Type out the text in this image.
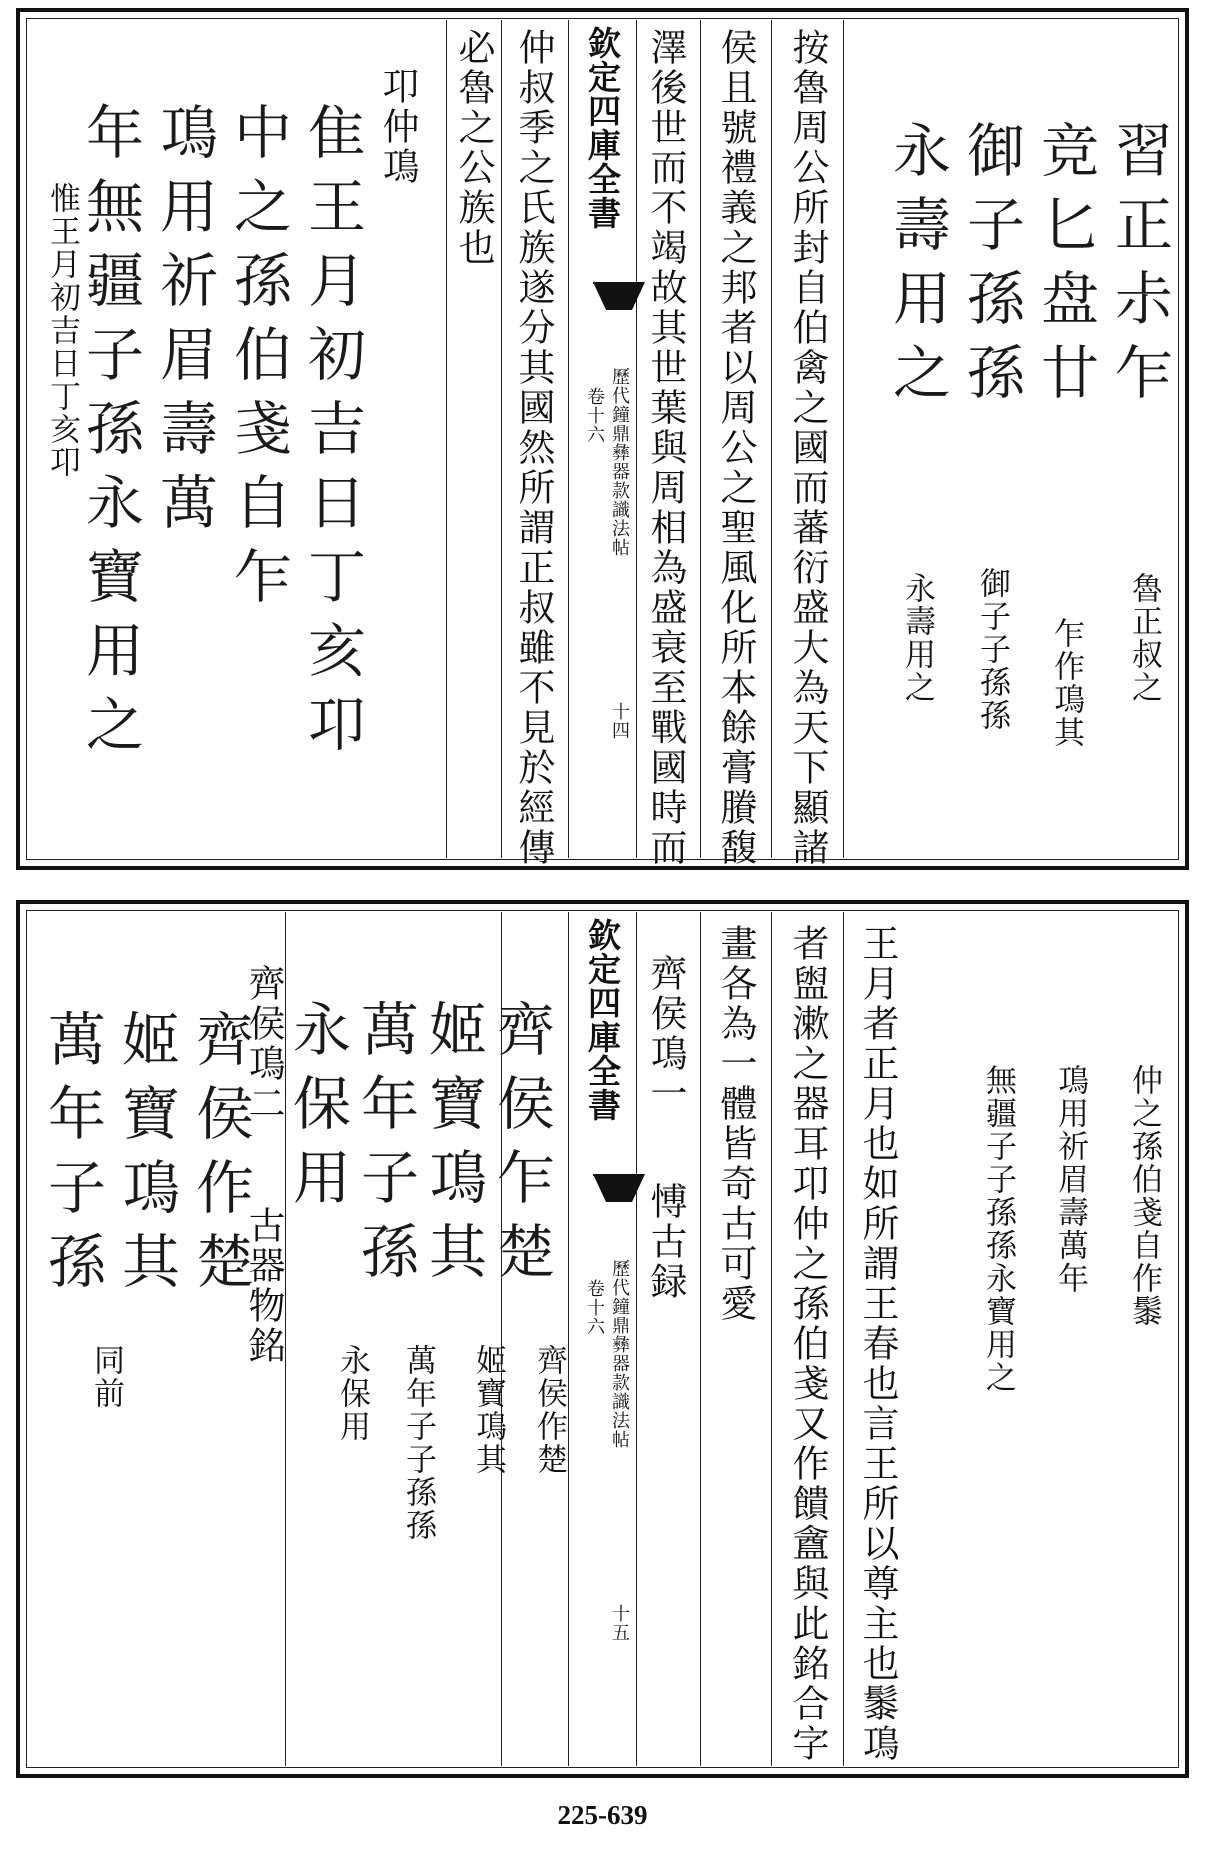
習正尗乍
竞匕盘廿
御子孫孫
永壽用之
魯正叔之
乍作䲨其
御子子孫孫
永壽用之
按魯周公所封自伯禽之國而蕃衍盛大為天下顯諸
侯且號禮義之邦者以周公之聖風化所本餘膏賸馥
澤後世而不竭故其世葉與周相為盛衰至戰國時而
欽定四庫全書
歷代鐘鼎彝器款識法帖
卷十六
十四
仲叔季之氏族遂分其國然所謂正叔雖不見於經傳
必魯之公族也
卭仲䲨
隹王月初吉日丁亥卭
中之孫伯戔自乍
䲨用祈眉壽萬
年無疆子孫永寶用之
惟王月初吉日丁亥卭
仲之孫伯戔自作䰍
䲨用祈眉壽萬年
無疆子子孫孫永寶用之
王月者正月也如所謂王春也言王所以尊主也䰍䲨
者盥漱之器耳卭仲之孫伯戔又作饋盦與此銘合字
畫各為一體皆奇古可愛
齊侯䲨一
愽古録
欽定四庫全書
歷代鐘鼎彝器款識法帖
卷十六
十五
齊侯乍楚
姬寶䲨其
萬年子孫
永保用
齊侯作楚
姬寶䲨其
萬年子子孫孫
永保用
齊侯䲨二
古器物銘
齊侯作楚
姬寶䲨其
萬年子孫
同前
225-639
